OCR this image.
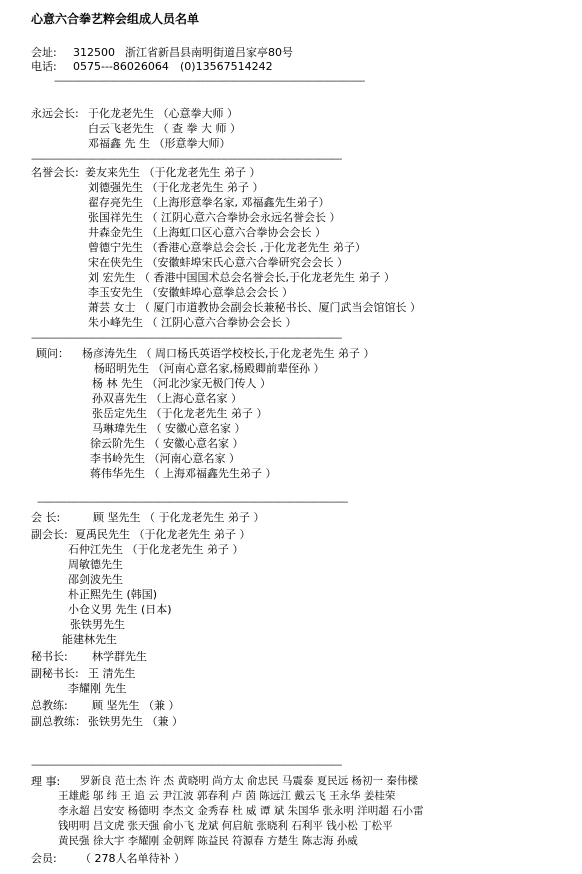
心意六合拳艺粹会组成人员名单
会址: 312500 浙江省新昌县南明街道吕家亭80号
电话: 0575---86026064 (0)13567514242
-----------------------------------------------------------------------------------------------------------------------
永远会长: 于化龙老先生 （心意拳大师 ）
白云飞老先生 （ 查 拳 大 师 ）
邓福鑫 先 生 （形意拳大师）
-----------------------------------------------------------------------------------------------------------------------
名誉会长: 姜友来先生 （于化龙老先生 弟子 ）
刘德强先生 （于化龙老先生 弟子 ）
翟存亮先生 （上海形意拳名家, 邓福鑫先生弟子）
张国祥先生 （ 江阴心意六合拳协会永远名誉会长 ）
井森金先生 （上海虹口区心意六合拳协会会长 ）
曾德宁先生 （香港心意拳总会会长 ,于化龙老先生 弟子）
宋在侠先生 （安徽蚌埠宋氏心意六合拳研究会会长 ）
刘 宏先生 （ 香港中国国术总会名誉会长,于化龙老先生 弟子 ）
李玉安先生 （安徽蚌埠心意拳总会会长 ）
萧芸 女士 （ 厦门市道教协会副会长兼秘书长、厦门武当会馆馆长 ）
朱小峰先生 （ 江阴心意六合拳协会会长 ）
-----------------------------------------------------------------------------------------------------------------------
顾问： 杨彦涛先生 （ 周口杨氏英语学校校长,于化龙老先生 弟子 ）
杨昭明先生 （河南心意名家,杨殿卿前辈侄孙 ）
杨 林 先生 （河北沙家无极门传人 ）
孙双喜先生 （上海心意名家 ）
张岳定先生 （于化龙老先生 弟子 ）
马琳瑋先生 （ 安徽心意名家 ）
徐云阶先生 （ 安徽心意名家 ）
李书岭先生 （河南心意名家 ）
蒋伟华先生 （ 上海邓福鑫先生弟子 ）
-----------------------------------------------------------------------------------------------------------------------
会 长:	顾 坚先生 （ 于化龙老先生 弟子 ）
副会长: 夏禹民先生 （于化龙老先生 弟子 ）
石仲江先生 （于化龙老先生 弟子 ）
周敏德先生
邵剑波先生
朴正熙先生 (韩国)
小仓义男 先生 (日本)
张铁男先生
能建林先生
秘书长: 林学群先生
副秘书长: 王 清先生
李耀刚 先生
总教练: 顾 坚先生 （兼 ）
副总教练： 张铁男先生 （兼 ）
-----------------------------------------------------------------------------------------------------------------------
理 事: 罗新良 范士杰 许 杰 黄晓明 尚方太 俞忠民 马震泰 夏民远 杨初一 秦伟樑
王雄彪 邬 纬 王 追 云 尹江波 郭春利 卢 茵 陈远江 戴云飞 王永华 姜桂荣
李永超 吕安安 杨德明 李杰文 金秀春 杜 威 谭 斌 朱国华 张永明 洋明超 石小雷
钱明明 吕文虎 张天强 俞小飞 龙斌 何启航 张晓利 石利平 钱小松 丁松平
黄民强 徐大宇 李耀刚 金朝辉 陈益民 符源春 方楚生 陈志海 孙威
会员: （ 278人名单待补 ）
